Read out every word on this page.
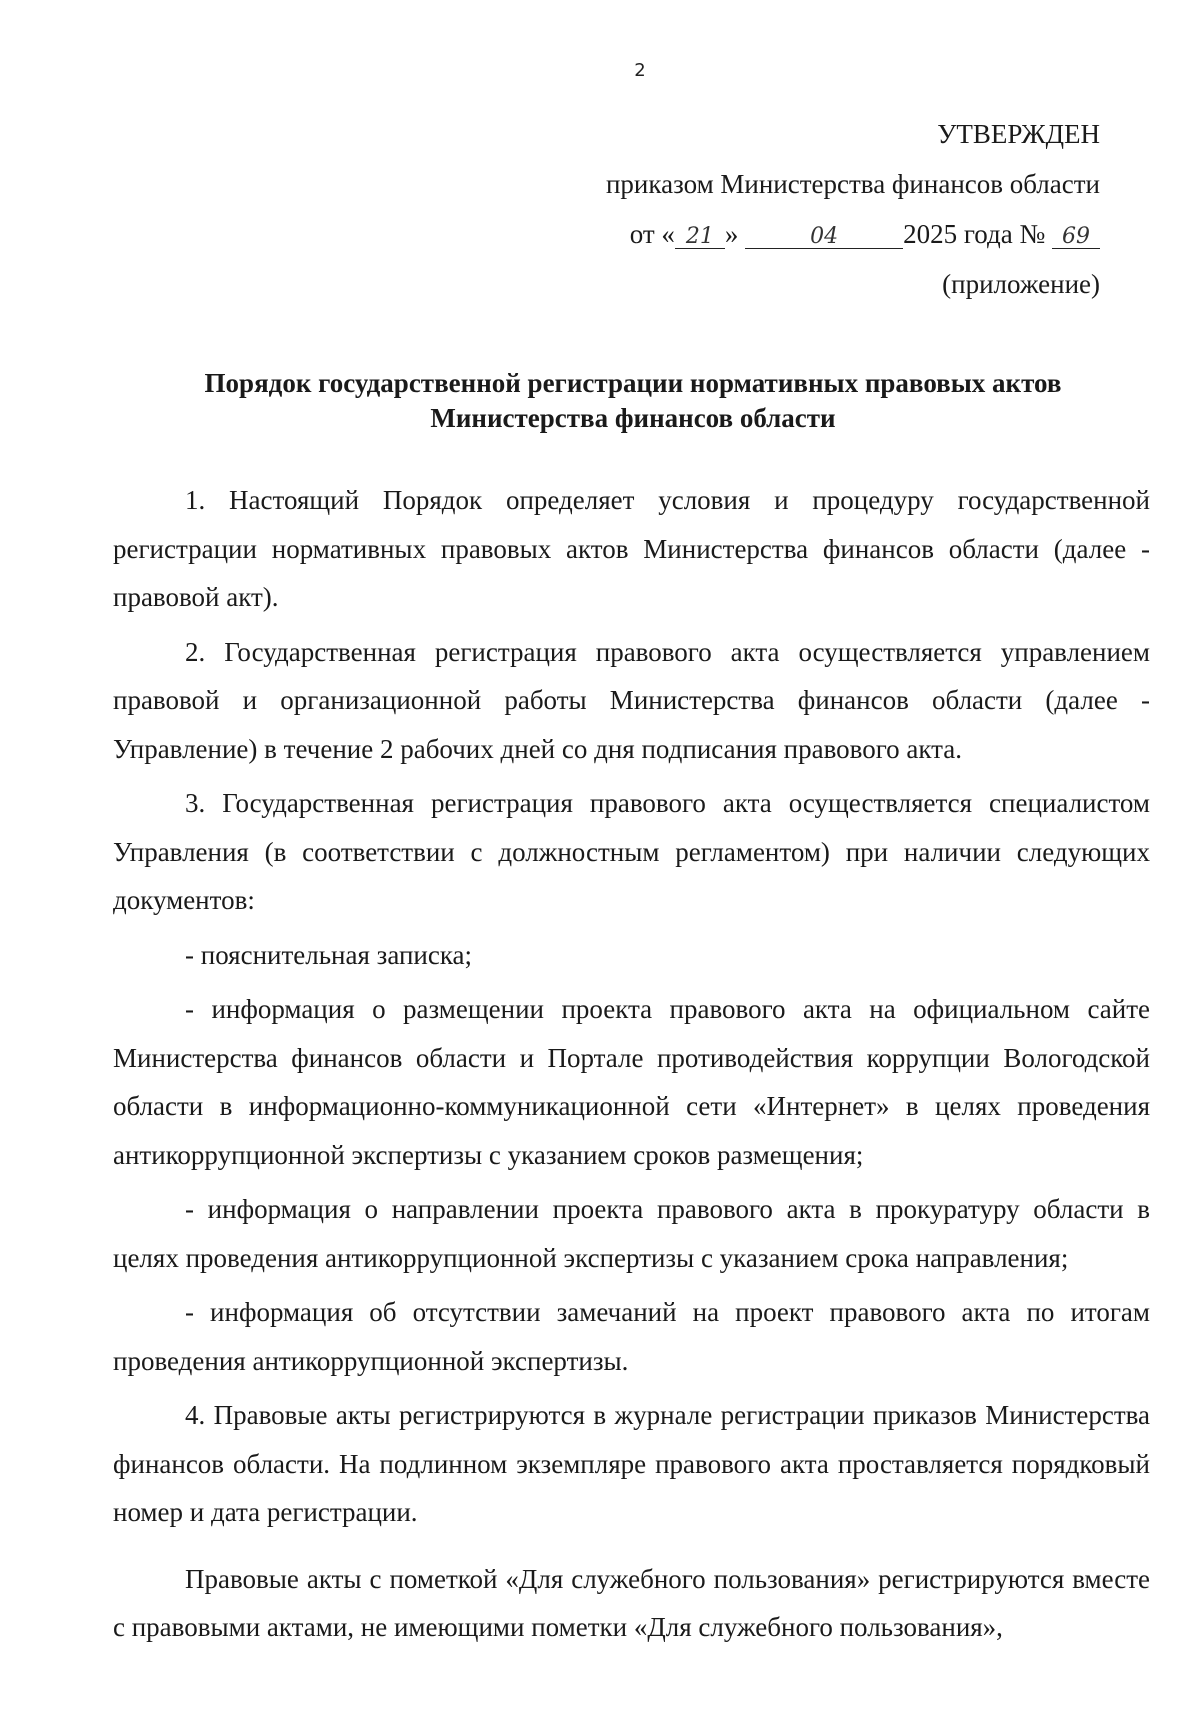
2
УТВЕРЖДЕН
приказом Министерства финансов области
от « 21 »	04 2025 года № 69
(приложение)
Порядок государственной регистрации нормативных правовых актов
Министерства финансов области

1. Настоящий Порядок определяет условия и процедуру государственной регистрации нормативных правовых актов Министерства финансов области (далее - правовой акт).

2. Государственная регистрация правового акта осуществляется управлением правовой и организационной работы Министерства финансов области (далее - Управление) в течение 2 рабочих дней со дня подписания правового акта.

3. Государственная регистрация правового акта осуществляется специалистом Управления (в соответствии с должностным регламентом) при наличии следующих документов:

- пояснительная записка;

- информация о размещении проекта правового акта на официальном сайте Министерства финансов области и Портале противодействия коррупции Вологодской области в информационно-коммуникационной сети «Интернет» в целях проведения антикоррупционной экспертизы с указанием сроков размещения;

- информация о направлении проекта правового акта в прокуратуру области в целях проведения антикоррупционной экспертизы с указанием срока направления;

- информация об отсутствии замечаний на проект правового акта по итогам проведения антикоррупционной экспертизы.

4. Правовые акты регистрируются в журнале регистрации приказов Министерства финансов области. На подлинном экземпляре правового акта проставляется порядковый номер и дата регистрации.

Правовые акты с пометкой «Для служебного пользования» регистрируются вместе с правовыми актами, не имеющими пометки «Для служебного пользования»,
